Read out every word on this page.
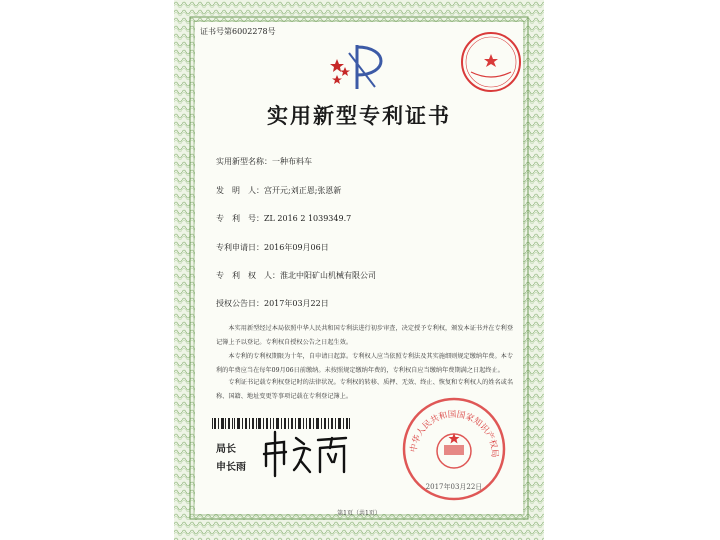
证书号第6002278号
实用新型专利证书
实用新型名称：一种布料车
发　明　人：宫开元;刘正恩;张恩新
专　利　号：ZL 2016 2 1039349.7
专利申请日：2016年09月06日
专　利　权　人：淮北中阳矿山机械有限公司
授权公告日：2017年03月22日
本实用新型经过本局依照中华人民共和国专利法进行初步审查，决定授予专利权，颁发本证书并在专利登记簿上予以登记。专利权自授权公告之日起生效。
本专利的专利权期限为十年，自申请日起算。专利权人应当依照专利法及其实施细则规定缴纳年费。本专利的年费应当在每年09月06日前缴纳。未按照规定缴纳年费的，专利权自应当缴纳年费期满之日起终止。
专利证书记载专利权登记时的法律状况。专利权的转移、质押、无效、终止、恢复和专利权人的姓名或名称、国籍、地址变更等事项记载在专利登记簿上。
局长
申长雨
中华人民共和国国家知识产权局
2017年03月22日
第1页（共1页）
